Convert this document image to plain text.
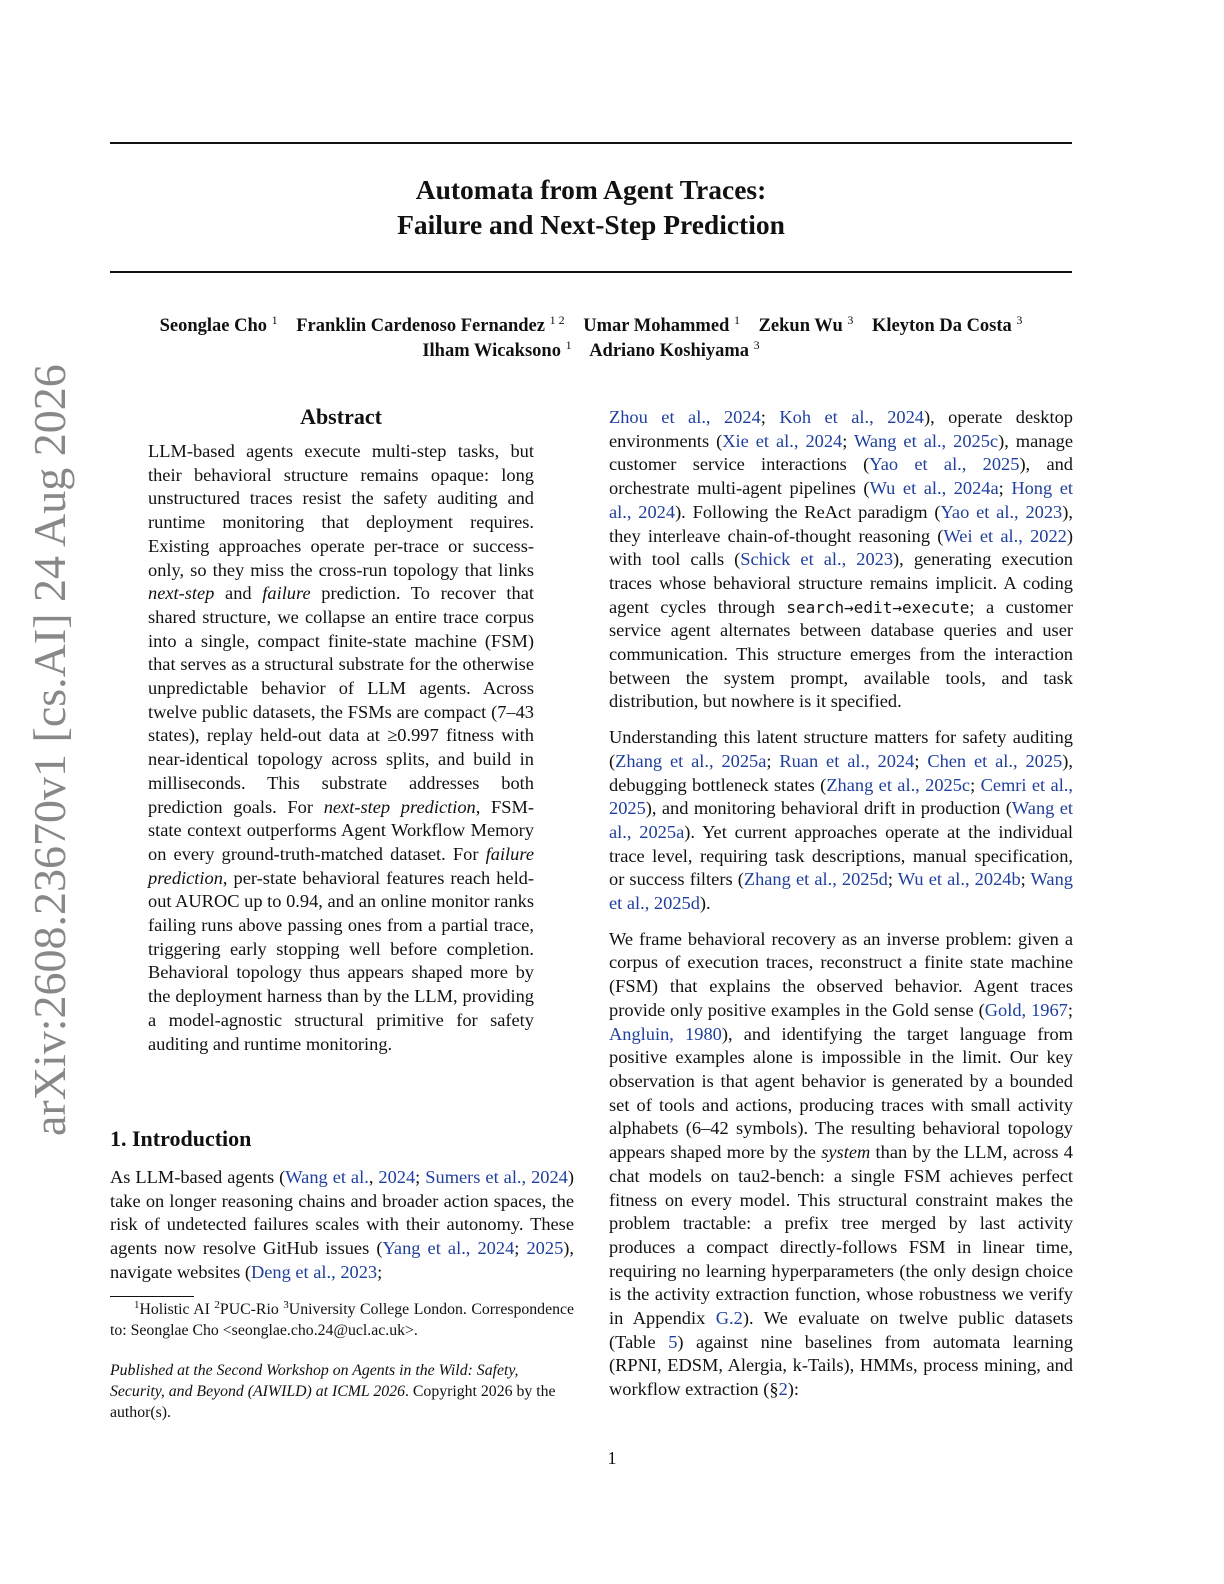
arXiv:2608.23670v1 [cs.AI] 24 Aug 2026
Automata from Agent Traces:
Failure and Next-Step Prediction
Seonglae Cho $^1$ Franklin Cardenoso Fernandez $^{1 2}$ Umar Mohammed $^1$ Zekun Wu $^3$ Kleyton Da Costa $^3$
Ilham Wicaksono $^1$ Adriano Koshiyama $^3$
Abstract
LLM-based agents execute multi-step tasks, but their behavioral structure remains opaque: long unstructured traces resist the safety auditing and runtime monitoring that deployment requires. Existing approaches operate per-trace or success-only, so they miss the cross-run topology that links next-step and failure prediction. To recover that shared structure, we collapse an entire trace corpus into a single, compact finite-state machine (FSM) that serves as a structural substrate for the otherwise unpredictable behavior of LLM agents. Across twelve public datasets, the FSMs are compact (7–43 states), replay held-out data at ≥0.997 fitness with near-identical topology across splits, and build in milliseconds. This substrate addresses both prediction goals. For next-step prediction, FSM-state context outperforms Agent Workflow Memory on every ground-truth-matched dataset. For failure prediction, per-state behavioral features reach held-out AUROC up to 0.94, and an online monitor ranks failing runs above passing ones from a partial trace, triggering early stopping well before completion. Behavioral topology thus appears shaped more by the deployment harness than by the LLM, providing a model-agnostic structural primitive for safety auditing and runtime monitoring.
1. Introduction
As LLM-based agents (Wang et al., 2024; Sumers et al., 2024) take on longer reasoning chains and broader action spaces, the risk of undetected failures scales with their autonomy. These agents now resolve GitHub issues (Yang et al., 2024; 2025), navigate websites (Deng et al., 2023;
$^1$Holistic AI $^2$PUC-Rio $^3$University College London. Correspondence to: Seonglae Cho <seonglae.cho.24@ucl.ac.uk>.
Published at the Second Workshop on Agents in the Wild: Safety, Security, and Beyond (AIWILD) at ICML 2026. Copyright 2026 by the author(s).

Zhou et al., 2024; Koh et al., 2024), operate desktop environments (Xie et al., 2024; Wang et al., 2025c), manage customer service interactions (Yao et al., 2025), and orchestrate multi-agent pipelines (Wu et al., 2024a; Hong et al., 2024). Following the ReAct paradigm (Yao et al., 2023), they interleave chain-of-thought reasoning (Wei et al., 2022) with tool calls (Schick et al., 2023), generating execution traces whose behavioral structure remains implicit. A coding agent cycles through search→edit→execute; a customer service agent alternates between database queries and user communication. This structure emerges from the interaction between the system prompt, available tools, and task distribution, but nowhere is it specified.

Understanding this latent structure matters for safety auditing (Zhang et al., 2025a; Ruan et al., 2024; Chen et al., 2025), debugging bottleneck states (Zhang et al., 2025c; Cemri et al., 2025), and monitoring behavioral drift in production (Wang et al., 2025a). Yet current approaches operate at the individual trace level, requiring task descriptions, manual specification, or success filters (Zhang et al., 2025d; Wu et al., 2024b; Wang et al., 2025d).

We frame behavioral recovery as an inverse problem: given a corpus of execution traces, reconstruct a finite state machine (FSM) that explains the observed behavior. Agent traces provide only positive examples in the Gold sense (Gold, 1967; Angluin, 1980), and identifying the target language from positive examples alone is impossible in the limit. Our key observation is that agent behavior is generated by a bounded set of tools and actions, producing traces with small activity alphabets (6–42 symbols). The resulting behavioral topology appears shaped more by the system than by the LLM, across 4 chat models on tau2-bench: a single FSM achieves perfect fitness on every model. This structural constraint makes the problem tractable: a prefix tree merged by last activity produces a compact directly-follows FSM in linear time, requiring no learning hyperparameters (the only design choice is the activity extraction function, whose robustness we verify in Appendix G.2). We evaluate on twelve public datasets (Table 5) against nine baselines from automata learning (RPNI, EDSM, Alergia, k-Tails), HMMs, process mining, and workflow extraction (§2):

1
